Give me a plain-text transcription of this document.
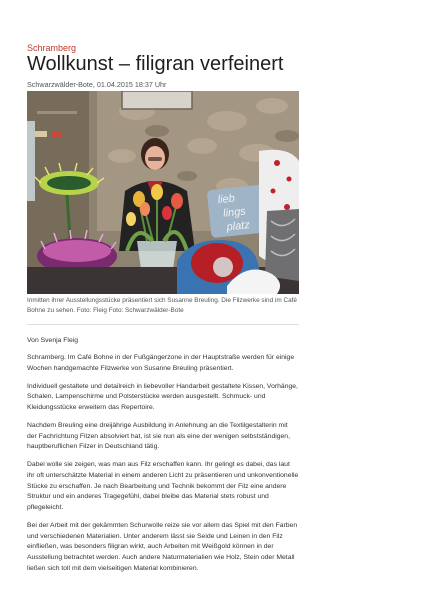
Schramberg
Wollkunst – filigran verfeinert
Schwarzwälder-Bote, 01.04.2015 18:37 Uhr
lieb
lings
platz
Inmitten ihrer Ausstellungsstücke präsentiert sich Susanne Breuling. Die Filzwerke sind im Café Bohne zu sehen. Foto: Fleig Foto: Schwarzwälder-Bote

Von Svenja Fleig

Schramberg. Im Café Bohne in der Fußgängerzone in der Hauptstraße werden für einige Wochen handgemachte Filzwerke von Susanne Breuling präsentiert.

Individuell gestaltete und detailreich in liebevoller Handarbeit gestaltete Kissen, Vorhänge, Schalen, Lampenschirme und Polsterstücke werden ausgestellt. Schmuck- und Kleidungsstücke erweitern das Repertoire.

Nachdem Breuling eine dreijährige Ausbildung in Anlehnung an die Textilgestalterin mit der Fachrichtung Filzen absolviert hat, ist sie nun als eine der wenigen selbstständigen, hauptberuflichen Filzer in Deutschland tätig.

Dabei wolle sie zeigen, was man aus Filz erschaffen kann. Ihr gelingt es dabei, das laut ihr oft unterschätzte Material in einem anderen Licht zu präsentieren und unkonventionelle Stücke zu erschaffen. Je nach Bearbeitung und Technik bekommt der Filz eine andere Struktur und ein anderes Tragegefühl, dabei bleibe das Material stets robust und pflegeleicht.

Bei der Arbeit mit der gekämmten Schurwolle reize sie vor allem das Spiel mit den Farben und verschiedenen Materialien. Unter anderem lässt sie Seide und Leinen in den Filz einfließen, was besonders filigran wirkt, auch Arbeiten mit Weißgold können in der Ausstellung betrachtet werden. Auch andere Naturmaterialien wie Holz, Stein oder Metall ließen sich toll mit dem vielseitigen Material kombinieren.
